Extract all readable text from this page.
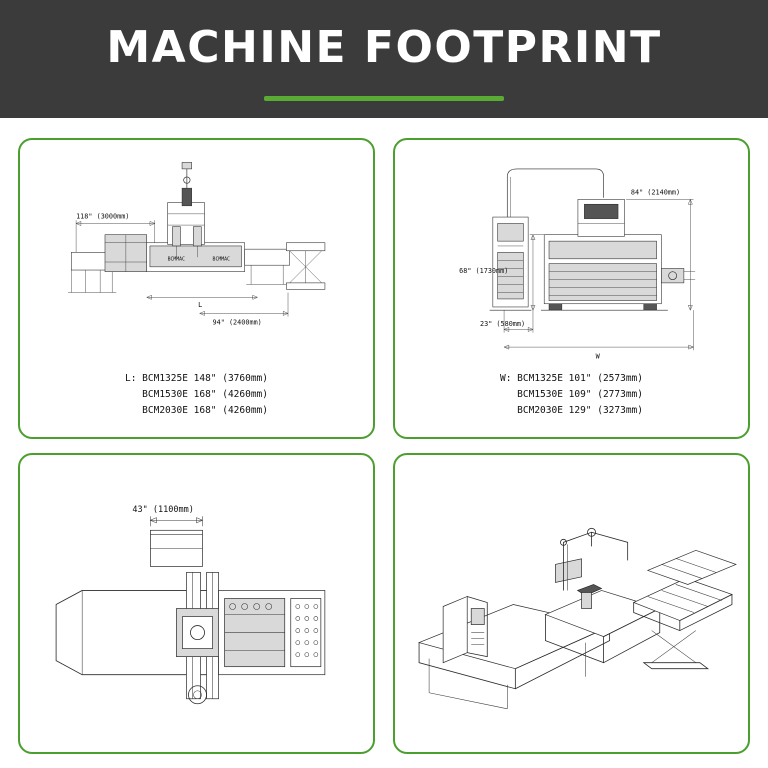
MACHINE FOOTPRINT
BCMMAC	BCMMAC
118" (3000mm)
L
94" (2400mm)
L: BCM1325E 148" (3760mm)
BCM1530E 168" (4260mm)
BCM2030E 168" (4260mm)
84" (2140mm)
68" (1730mm)
23" (580mm)
W
W: BCM1325E 101" (2573mm)
BCM1530E 109" (2773mm)
BCM2030E 129" (3273mm)
43" (1100mm)
